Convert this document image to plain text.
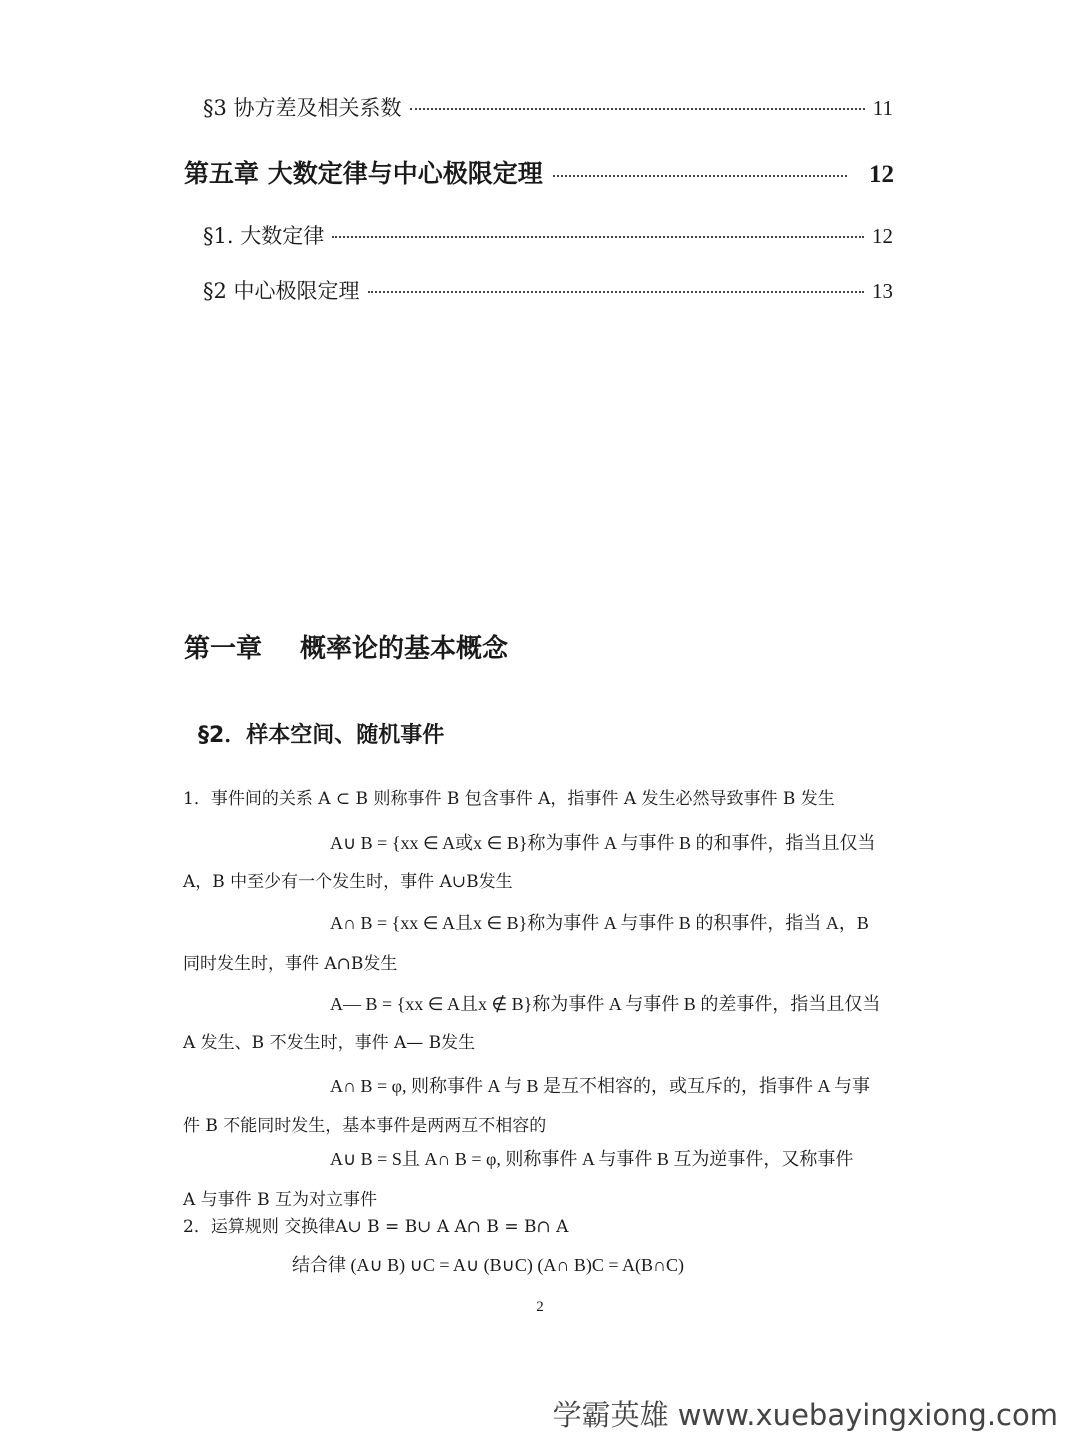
§3 协方差及相关系数	11
第五章 大数定律与中心极限定理	12
§1. 大数定律	12
§2 中心极限定理	13
第一章 概率论的基本概念
§2．样本空间、随机事件
1．事件间的关系 A ⊂ B 则称事件 B 包含事件 A，指事件 A 发生必然导致事件 B 发生
A∪ B = {xx ∈ A或x ∈ B}称为事件 A 与事件 B 的和事件，指当且仅当
A，B 中至少有一个发生时，事件 A∪B发生
A∩ B = {xx ∈ A且x ∈ B}称为事件 A 与事件 B 的积事件，指当 A，B
同时发生时，事件 A∩B发生
A— B = {xx ∈ A且x ∉ B}称为事件 A 与事件 B 的差事件，指当且仅当
A 发生、B 不发生时，事件 A— B发生
A∩ B = φ, 则称事件 A 与 B 是互不相容的，或互斥的，指事件 A 与事
件 B 不能同时发生，基本事件是两两互不相容的
A∪ B = S且 A∩ B = φ, 则称事件 A 与事件 B 互为逆事件，又称事件
A 与事件 B 互为对立事件
2．运算规则 交换律A∪ B = B∪ A A∩ B = B∩ A
结合律 (A∪ B) ∪C = A∪ (B∪C) (A∩ B)C = A(B∩C)
2
学霸英雄 www.xuebayingxiong.com
